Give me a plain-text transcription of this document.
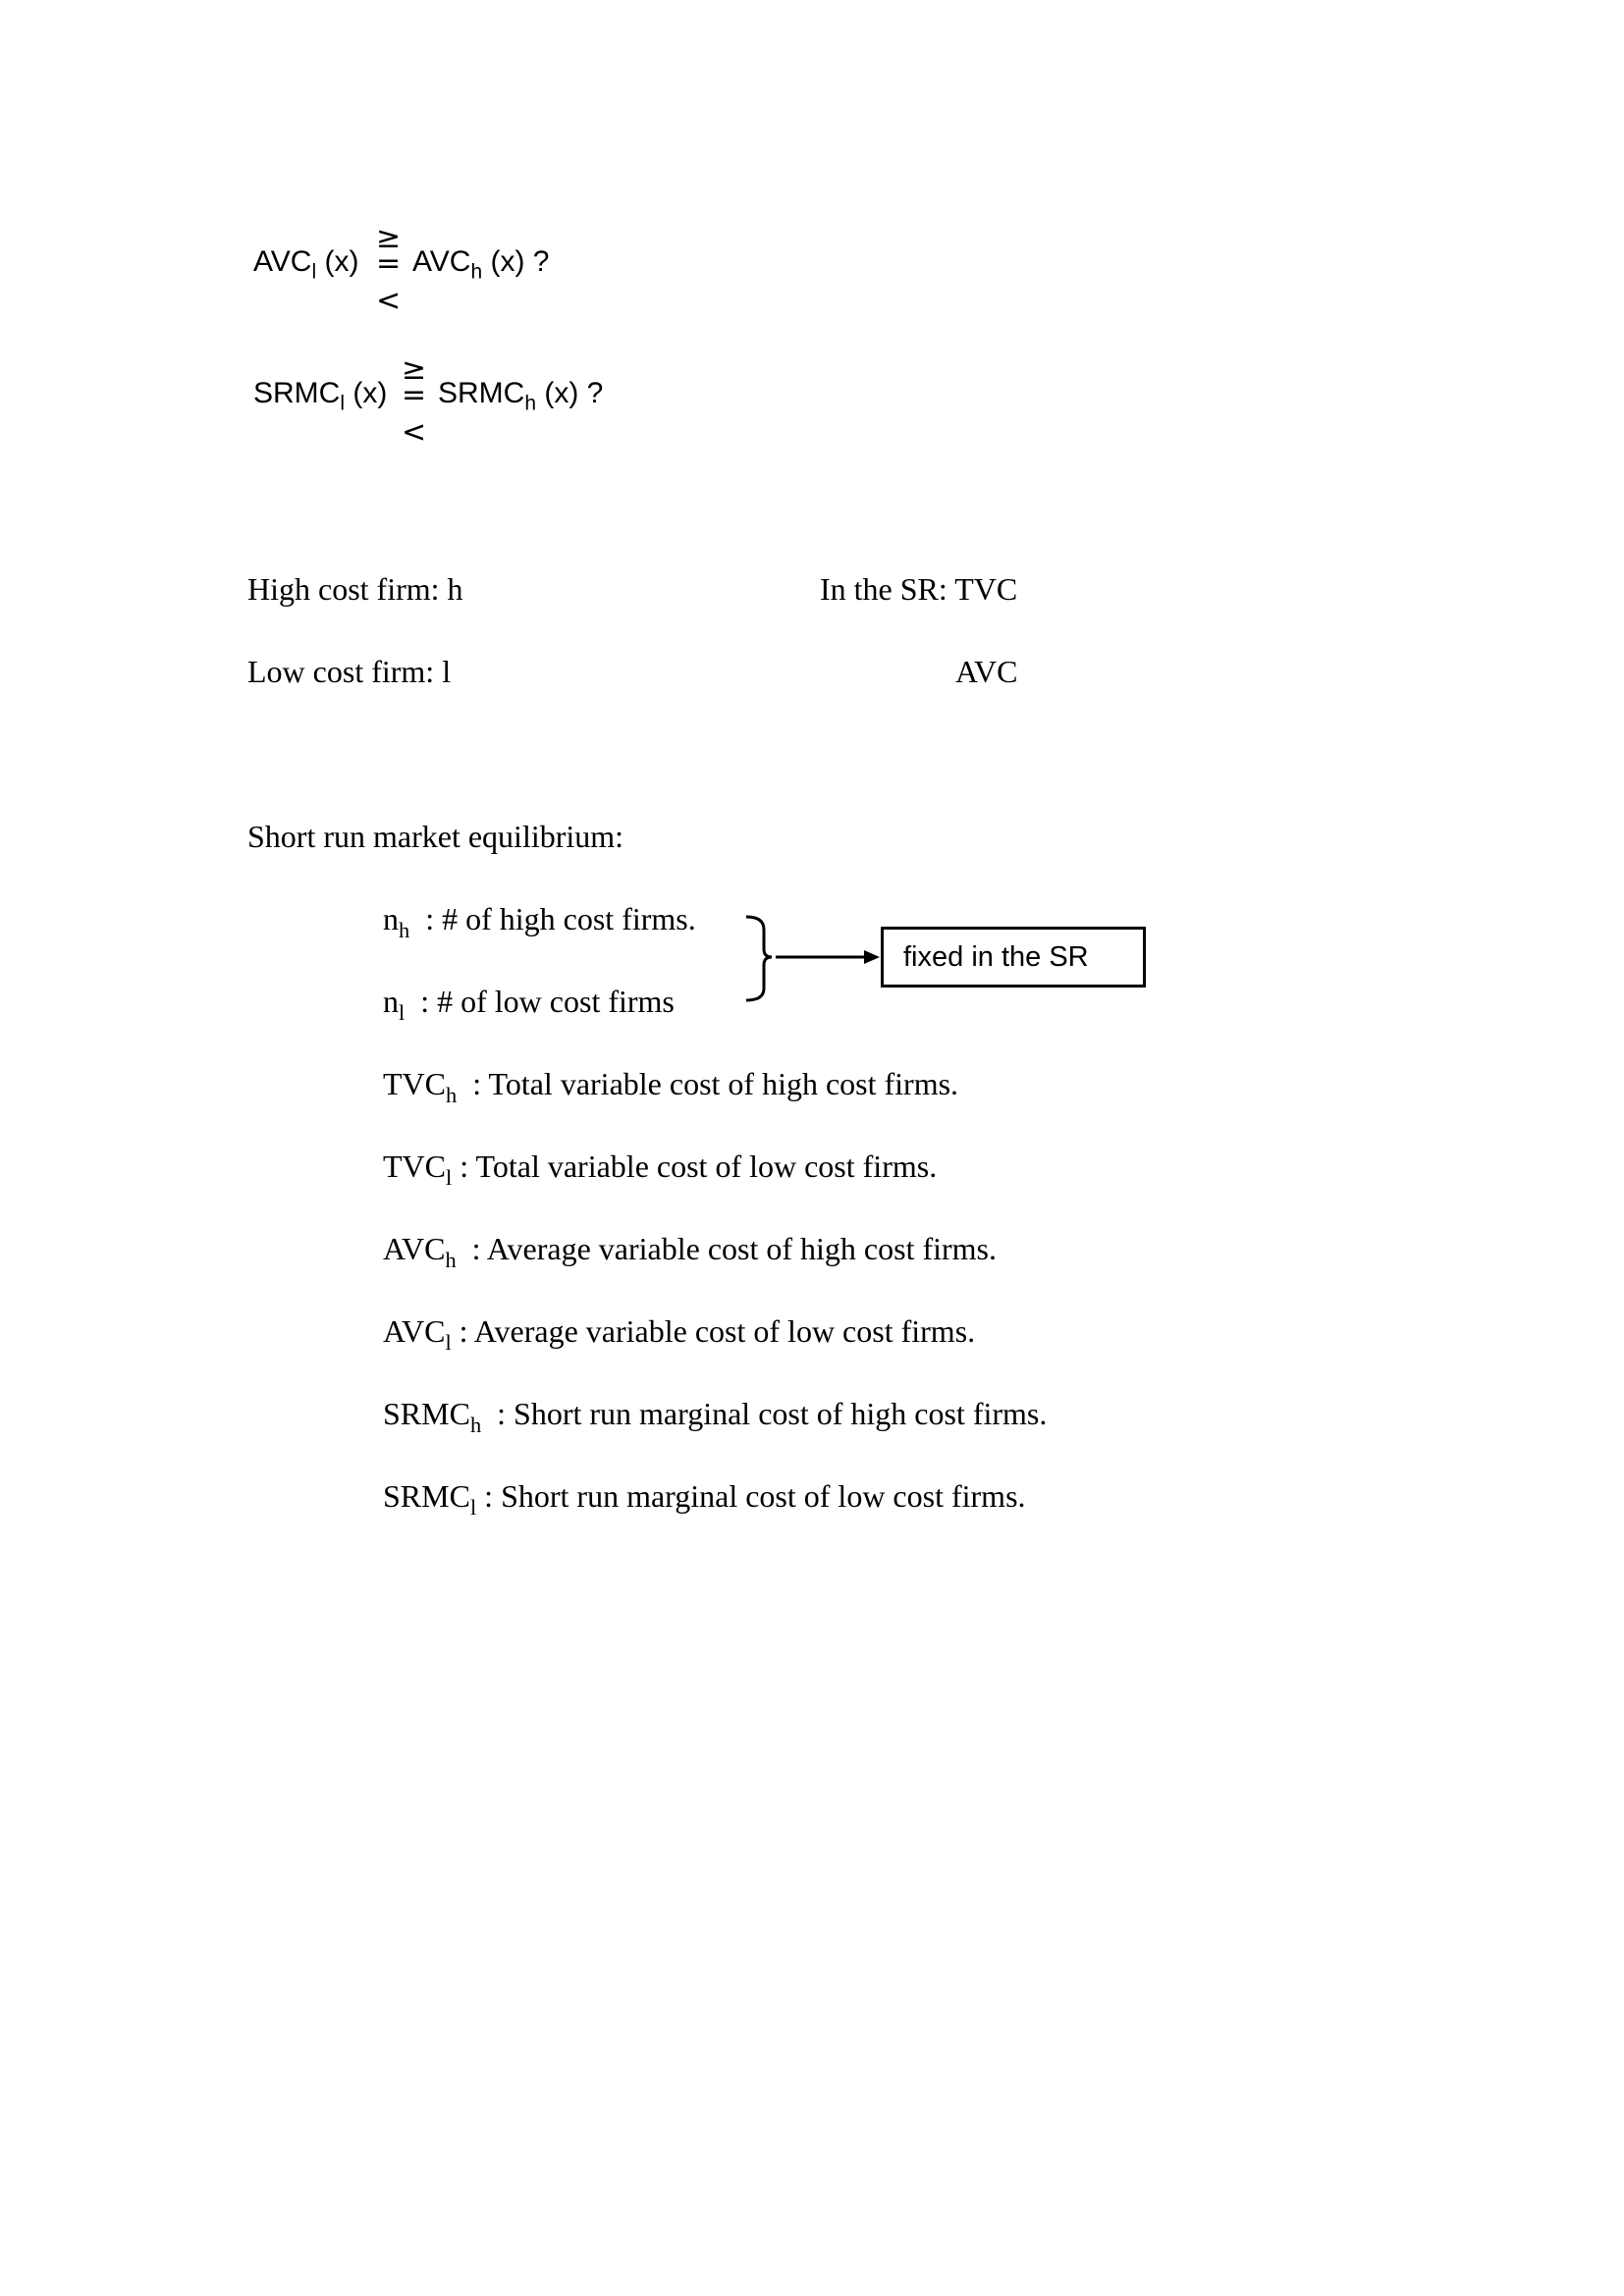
$AVC_l$ (x)
≥
=
<
$AVC_h$ (x) ?
$SRMC_l$ (x)
≥
=
<
$SRMC_h$ (x) ?
High cost firm: h
Low cost firm: l
In the SR: TVC
AVC
Short run market equilibrium:
$n_h$  : # of high cost firms.
$n_l$  : # of low cost firms
$TVC_h$  : Total variable cost of high cost firms.
$TVC_l$ : Total variable cost of low cost firms.
$AVC_h$  : Average variable cost of high cost firms.
$AVC_l$ : Average variable cost of low cost firms.
$SRMC_h$  : Short run marginal cost of high cost firms.
$SRMC_l$ : Short run marginal cost of low cost firms.
fixed in the SR
